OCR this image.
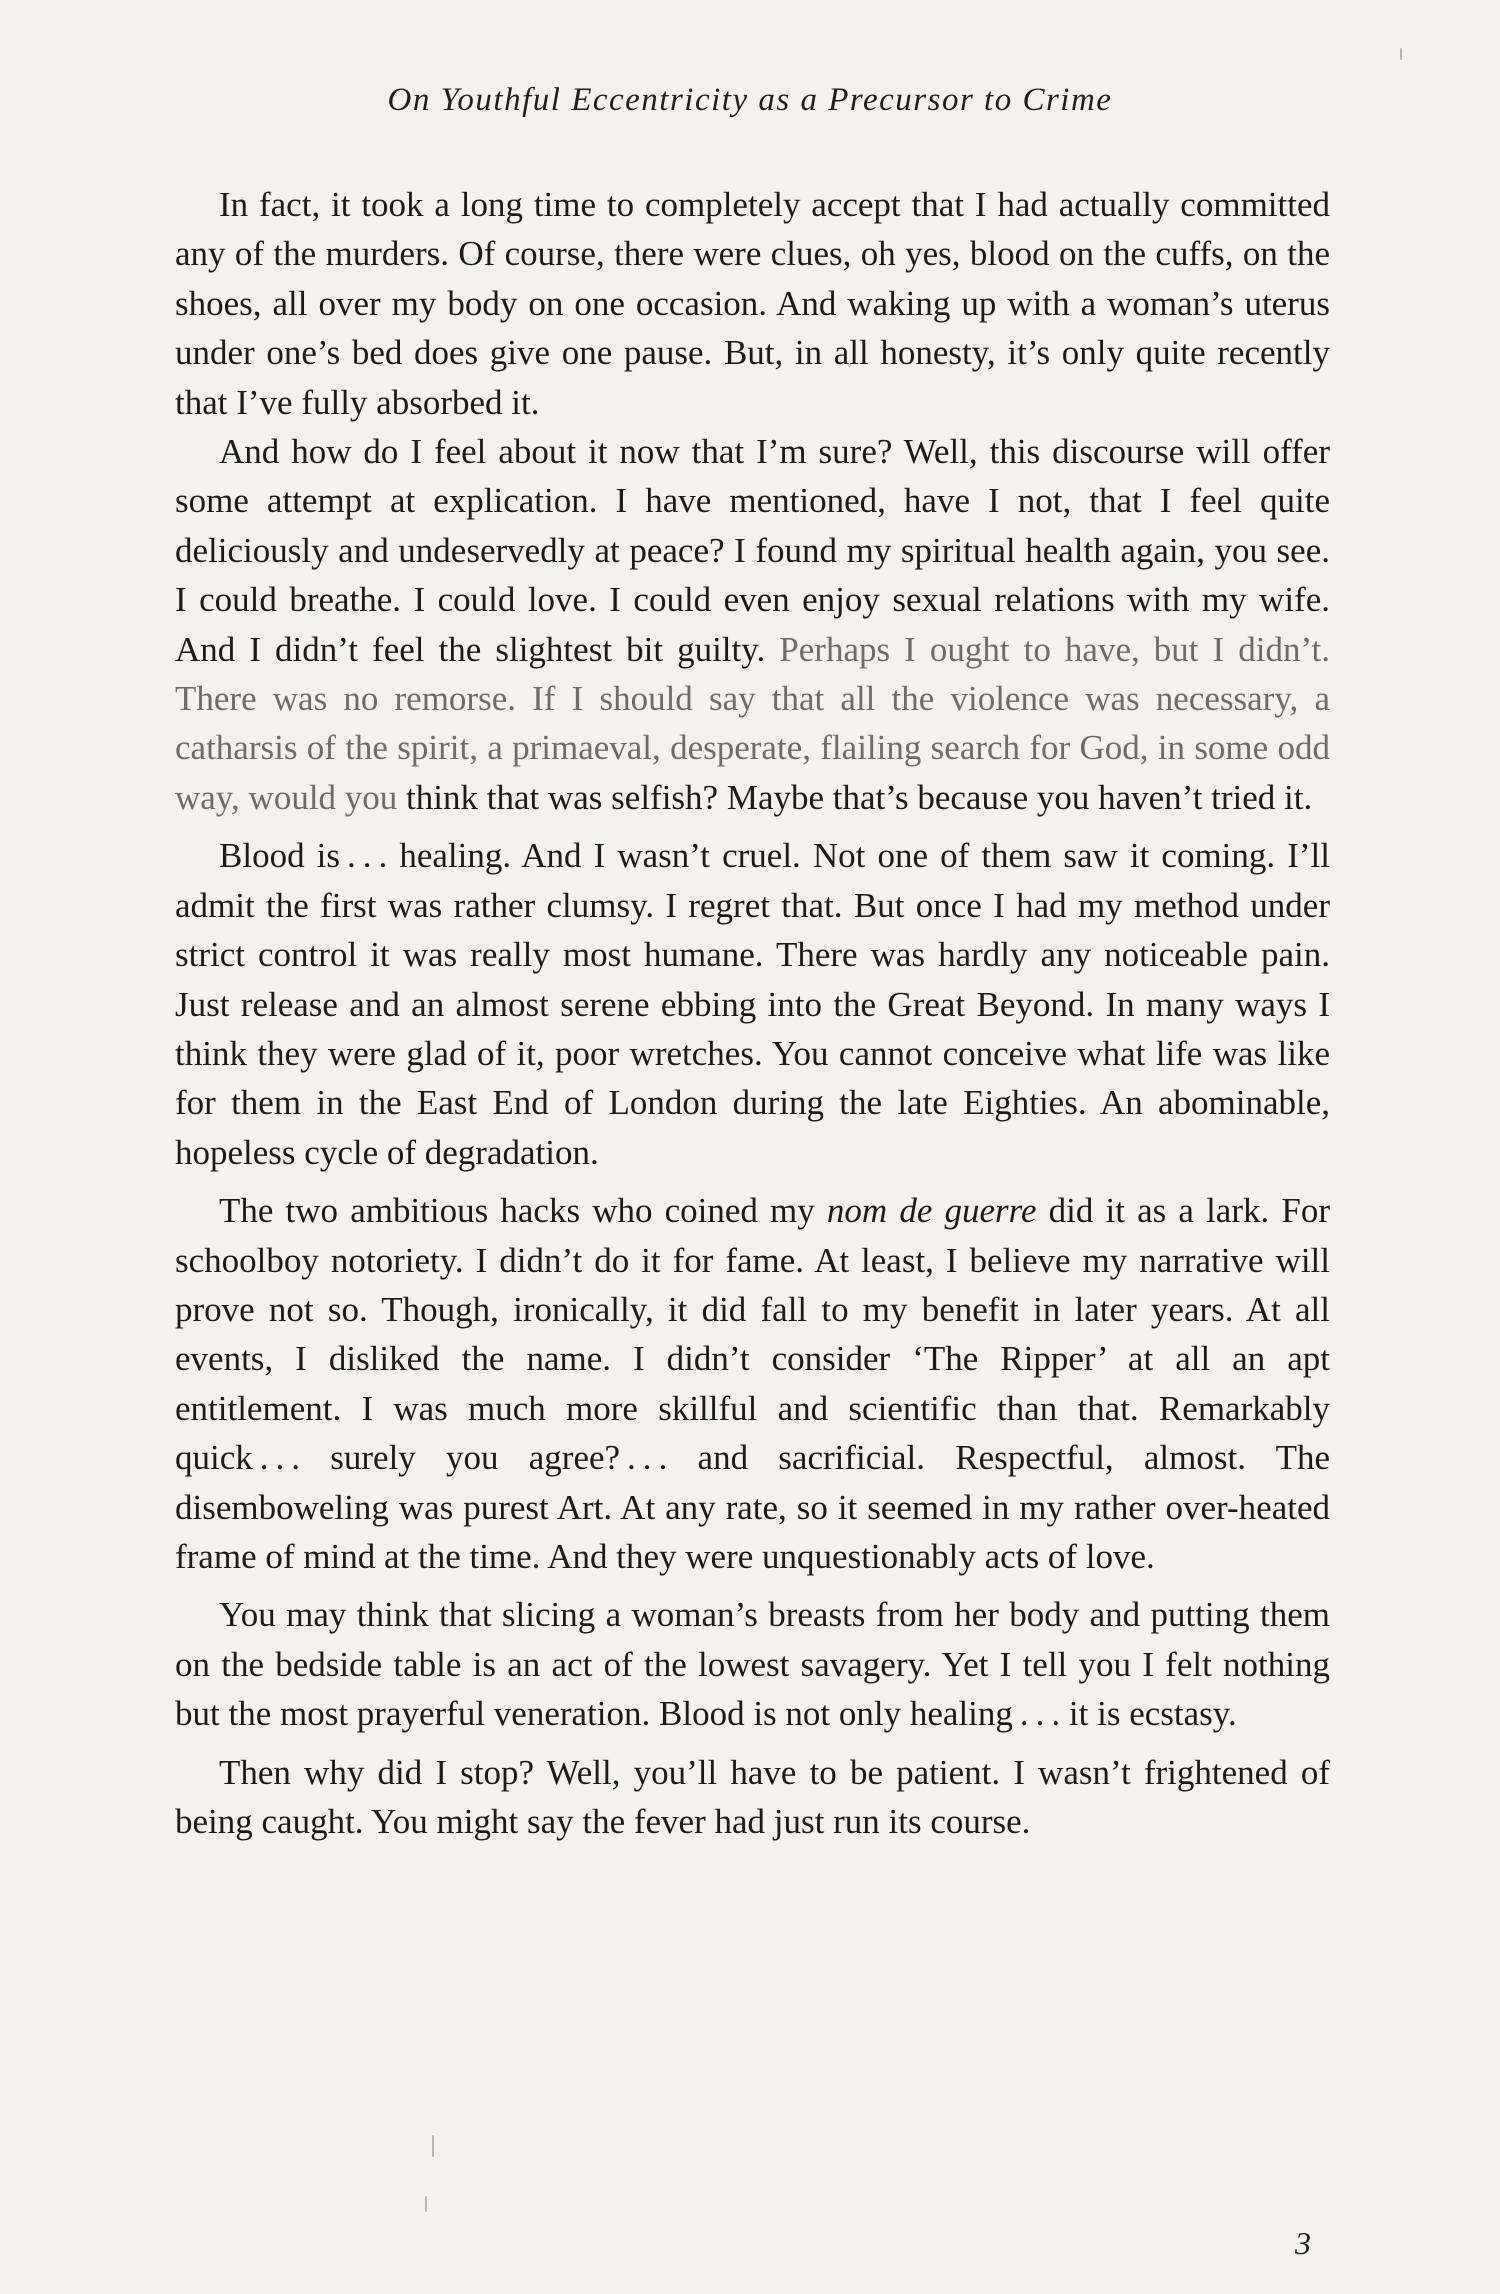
On Youthful Eccentricity as a Precursor to Crime

In fact, it took a long time to completely accept that I had actually committed any of the murders. Of course, there were clues, oh yes, blood on the cuffs, on the shoes, all over my body on one occasion. And waking up with a woman’s uterus under one’s bed does give one pause. But, in all honesty, it’s only quite recently that I’ve fully absorbed it.

And how do I feel about it now that I’m sure? Well, this discourse will offer some attempt at explication. I have mentioned, have I not, that I feel quite deliciously and undeservedly at peace? I found my spiritual health again, you see. I could breathe. I could love. I could even enjoy sexual relations with my wife. And I didn’t feel the slightest bit guilty. Perhaps I ought to have, but I didn’t. There was no remorse. If I should say that all the violence was necessary, a catharsis of the spirit, a primaeval, desperate, flailing search for God, in some odd way, would you think that was selfish? Maybe that’s because you haven’t tried it.

Blood is . . . healing. And I wasn’t cruel. Not one of them saw it coming. I’ll admit the first was rather clumsy. I regret that. But once I had my method under strict control it was really most humane. There was hardly any noticeable pain. Just release and an almost serene ebbing into the Great Beyond. In many ways I think they were glad of it, poor wretches. You cannot conceive what life was like for them in the East End of London during the late Eighties. An abominable, hopeless cycle of degradation.

The two ambitious hacks who coined my nom de guerre did it as a lark. For schoolboy notoriety. I didn’t do it for fame. At least, I believe my narrative will prove not so. Though, ironically, it did fall to my benefit in later years. At all events, I disliked the name. I didn’t consider ‘The Ripper’ at all an apt entitlement. I was much more skillful and scientific than that. Remarkably quick . . . surely you agree? . . . and sacrificial. Respectful, almost. The disemboweling was purest Art. At any rate, so it seemed in my rather over-heated frame of mind at the time. And they were unquestionably acts of love.

You may think that slicing a woman’s breasts from her body and putting them on the bedside table is an act of the lowest savagery. Yet I tell you I felt nothing but the most prayerful veneration. Blood is not only healing . . . it is ecstasy.

Then why did I stop? Well, you’ll have to be patient. I wasn’t frightened of being caught. You might say the fever had just run its course.

3
